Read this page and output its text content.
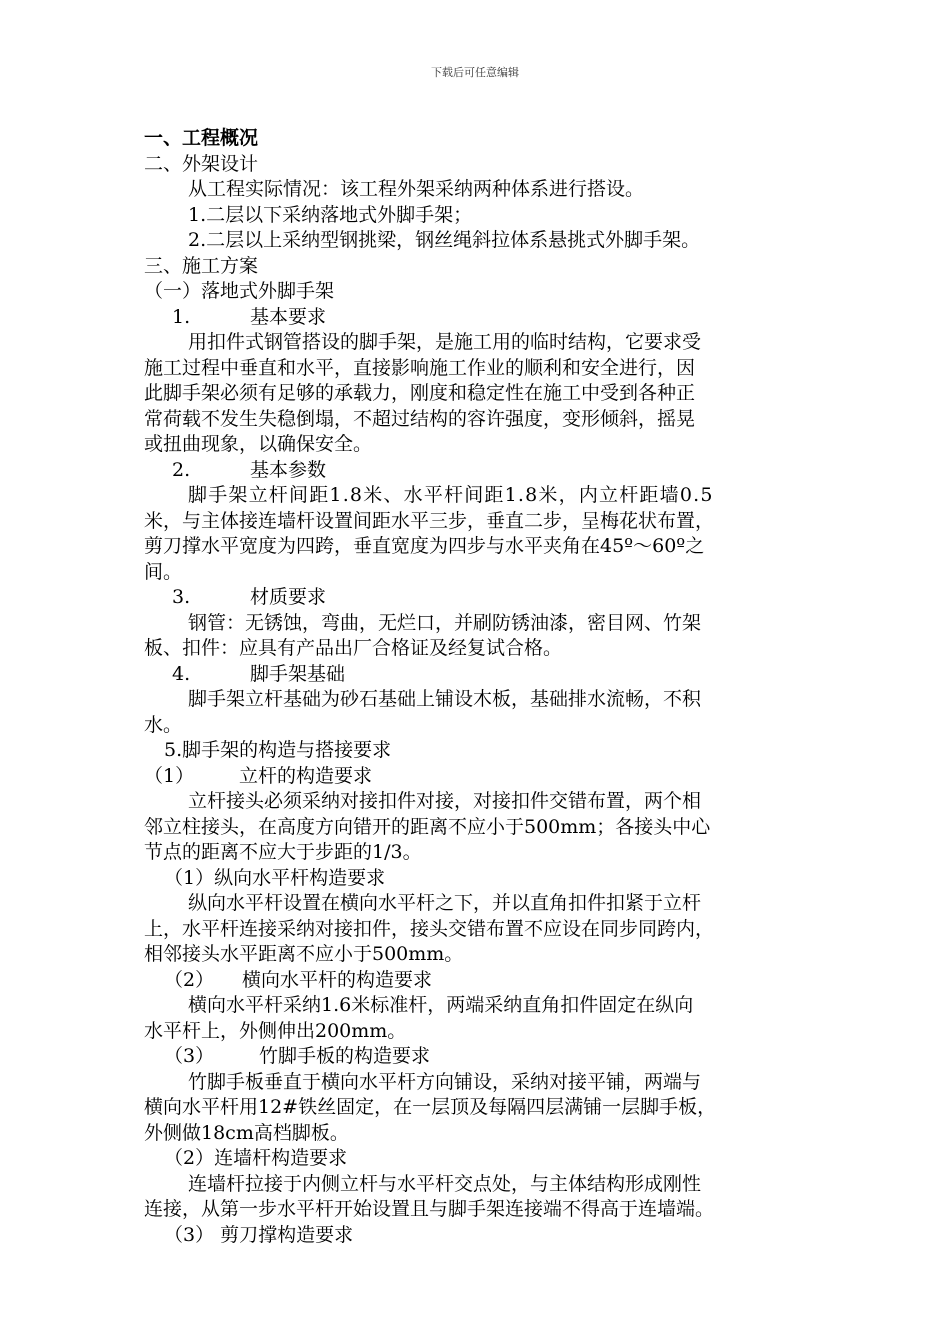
下载后可任意编辑
一、工程概况
二、外架设计
从工程实际情况：该工程外架采纳两种体系进行搭设。
1.二层以下采纳落地式外脚手架；
2.二层以上采纳型钢挑梁，钢丝绳斜拉体系悬挑式外脚手架。
三、施工方案
（一）落地式外脚手架
1.	基本要求
用扣件式钢管搭设的脚手架，是施工用的临时结构，它要求受
施工过程中垂直和水平，直接影响施工作业的顺利和安全进行，因
此脚手架必须有足够的承载力，刚度和稳定性在施工中受到各种正
常荷载不发生失稳倒塌，不超过结构的容许强度，变形倾斜，摇晃
或扭曲现象，以确保安全。
2.	基本参数
脚手架立杆间距1.8米、水平杆间距1.8米，内立杆距墙0.5
米，与主体接连墙杆设置间距水平三步，垂直二步，呈梅花状布置，
剪刀撑水平宽度为四跨，垂直宽度为四步与水平夹角在45º～60º之
间。
3.	材质要求
钢管：无锈蚀，弯曲，无烂口，并刷防锈油漆，密目网、竹架
板、扣件：应具有产品出厂合格证及经复试合格。
4.	脚手架基础
脚手架立杆基础为砂石基础上铺设木板，基础排水流畅，不积
水。
5.脚手架的构造与搭接要求
（1） 立杆的构造要求
立杆接头必须采纳对接扣件对接，对接扣件交错布置，两个相
邻立柱接头，在高度方向错开的距离不应小于500mm；各接头中心
节点的距离不应大于步距的1/3。
（1）纵向水平杆构造要求
纵向水平杆设置在横向水平杆之下，并以直角扣件扣紧于立杆
上，水平杆连接采纳对接扣件，接头交错布置不应设在同步同跨内，
相邻接头水平距离不应小于500mm。
（2） 横向水平杆的构造要求
横向水平杆采纳1.6米标准杆，两端采纳直角扣件固定在纵向
水平杆上，外侧伸出200mm。
（3） 竹脚手板的构造要求
竹脚手板垂直于横向水平杆方向铺设，采纳对接平铺，两端与
横向水平杆用12#铁丝固定，在一层顶及每隔四层满铺一层脚手板，
外侧做18cm高档脚板。
（2）连墙杆构造要求
连墙杆拉接于内侧立杆与水平杆交点处，与主体结构形成刚性
连接，从第一步水平杆开始设置且与脚手架连接端不得高于连墙端。
（3） 剪刀撑构造要求
